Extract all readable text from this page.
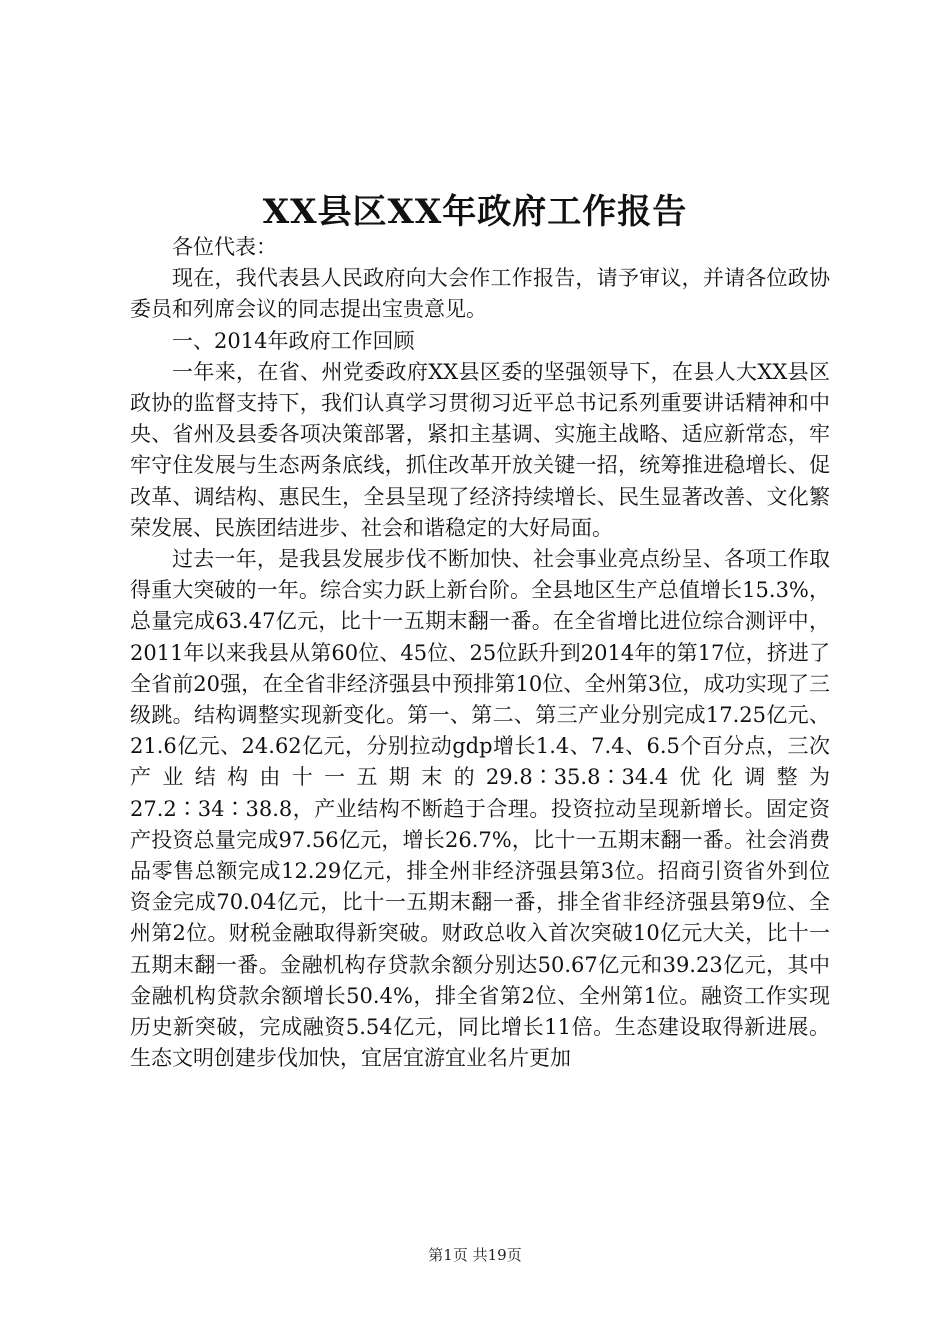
XX县区XX年政府工作报告

各位代表：

现在，我代表县人民政府向大会作工作报告，请予审议，并请各位政协委员和列席会议的同志提出宝贵意见。

一、2014年政府工作回顾

一年来，在省、州党委政府XX县区委的坚强领导下，在县人大XX县区政协的监督支持下，我们认真学习贯彻习近平总书记系列重要讲话精神和中央、省州及县委各项决策部署，紧扣主基调、实施主战略、适应新常态，牢牢守住发展与生态两条底线，抓住改革开放关键一招，统筹推进稳增长、促改革、调结构、惠民生，全县呈现了经济持续增长、民生显著改善、文化繁荣发展、民族团结进步、社会和谐稳定的大好局面。

过去一年，是我县发展步伐不断加快、社会事业亮点纷呈、各项工作取得重大突破的一年。综合实力跃上新台阶。全县地区生产总值增长15.3%，总量完成63.47亿元，比十一五期末翻一番。在全省增比进位综合测评中，2011年以来我县从第60位、45位、25位跃升到2014年的第17位，挤进了全省前20强，在全省非经济强县中预排第10位、全州第3位，成功实现了三级跳。结构调整实现新变化。第一、第二、第三产业分别完成17.25亿元、21.6亿元、24.62亿元，分别拉动gdp增长1.4、7.4、6.5个百分点，三次产业结构由十一五期末的29.8∶35.8∶34.4优化调整为27.2∶34∶38.8，产业结构不断趋于合理。投资拉动呈现新增长。固定资产投资总量完成97.56亿元，增长26.7%，比十一五期末翻一番。社会消费品零售总额完成12.29亿元，排全州非经济强县第3位。招商引资省外到位资金完成70.04亿元，比十一五期末翻一番，排全省非经济强县第9位、全州第2位。财税金融取得新突破。财政总收入首次突破10亿元大关，比十一五期末翻一番。金融机构存贷款余额分别达50.67亿元和39.23亿元，其中金融机构贷款余额增长50.4%，排全省第2位、全州第1位。融资工作实现历史新突破，完成融资5.54亿元，同比增长11倍。生态建设取得新进展。生态文明创建步伐加快，宜居宜游宜业名片更加

第1页 共19页
